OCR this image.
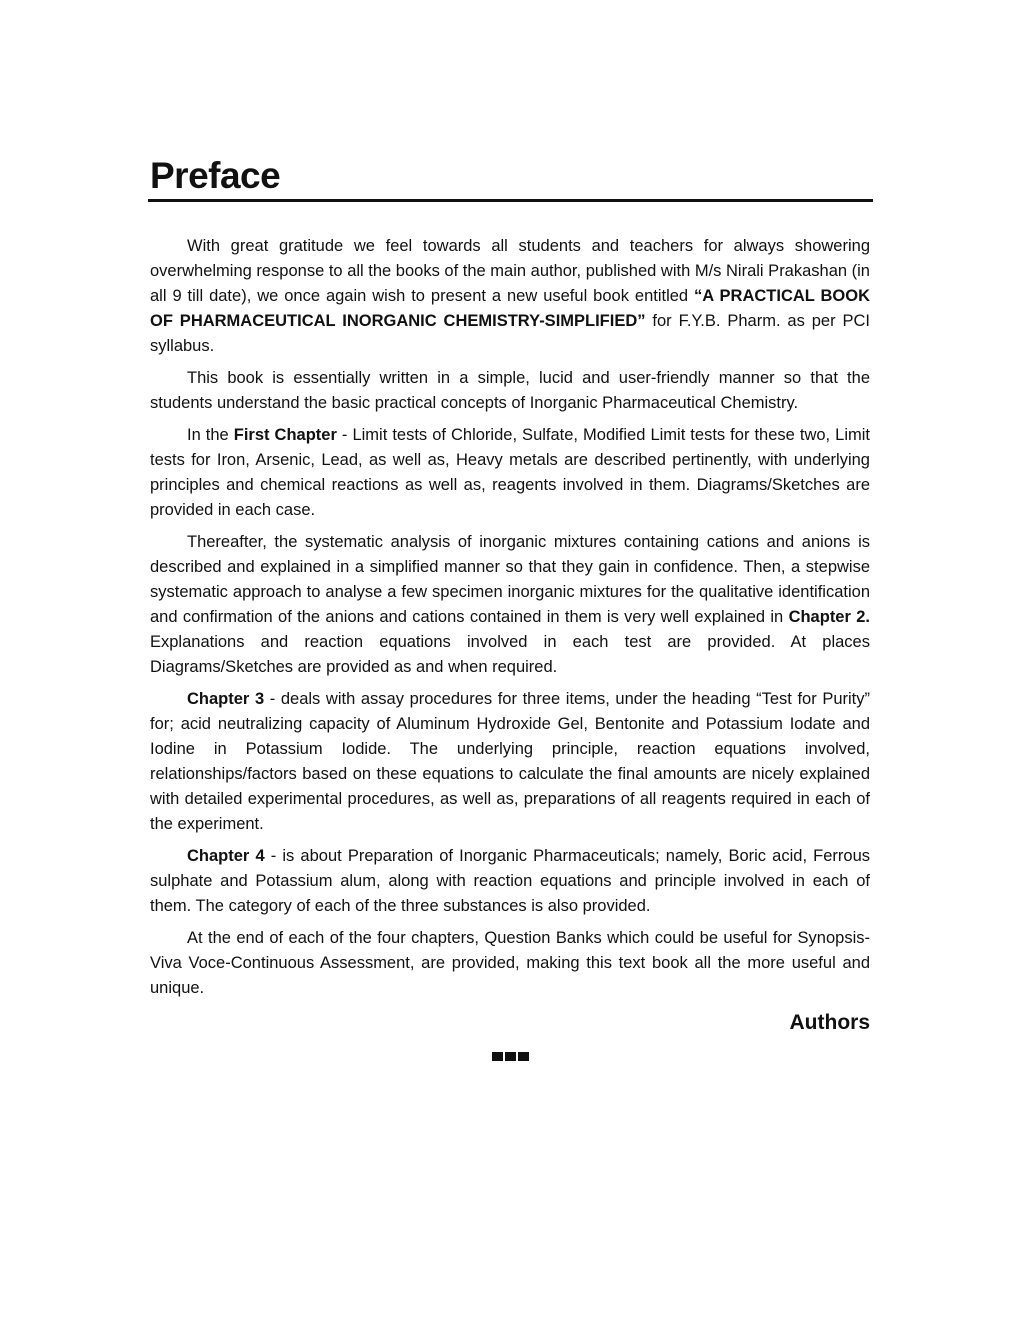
Preface

With great gratitude we feel towards all students and teachers for always showering overwhelming response to all the books of the main author, published with M/s Nirali Prakashan (in all 9 till date), we once again wish to present a new useful book entitled “A PRACTICAL BOOK OF PHARMACEUTICAL INORGANIC CHEMISTRY-SIMPLIFIED” for F.Y.B. Pharm. as per PCI syllabus.

This book is essentially written in a simple, lucid and user-friendly manner so that the students understand the basic practical concepts of Inorganic Pharmaceutical Chemistry.

In the First Chapter - Limit tests of Chloride, Sulfate, Modified Limit tests for these two, Limit tests for Iron, Arsenic, Lead, as well as, Heavy metals are described pertinently, with underlying principles and chemical reactions as well as, reagents involved in them. Diagrams/Sketches are provided in each case.

Thereafter, the systematic analysis of inorganic mixtures containing cations and anions is described and explained in a simplified manner so that they gain in confidence. Then, a stepwise systematic approach to analyse a few specimen inorganic mixtures for the qualitative identification and confirmation of the anions and cations contained in them is very well explained in Chapter 2. Explanations and reaction equations involved in each test are provided. At places Diagrams/Sketches are provided as and when required.

Chapter 3 - deals with assay procedures for three items, under the heading “Test for Purity” for; acid neutralizing capacity of Aluminum Hydroxide Gel, Bentonite and Potassium Iodate and Iodine in Potassium Iodide. The underlying principle, reaction equations involved, relationships/factors based on these equations to calculate the final amounts are nicely explained with detailed experimental procedures, as well as, preparations of all reagents required in each of the experiment.

Chapter 4 - is about Preparation of Inorganic Pharmaceuticals; namely, Boric acid, Ferrous sulphate and Potassium alum, along with reaction equations and principle involved in each of them. The category of each of the three substances is also provided.

At the end of each of the four chapters, Question Banks which could be useful for Synopsis-Viva Voce-Continuous Assessment, are provided, making this text book all the more useful and unique.

Authors
